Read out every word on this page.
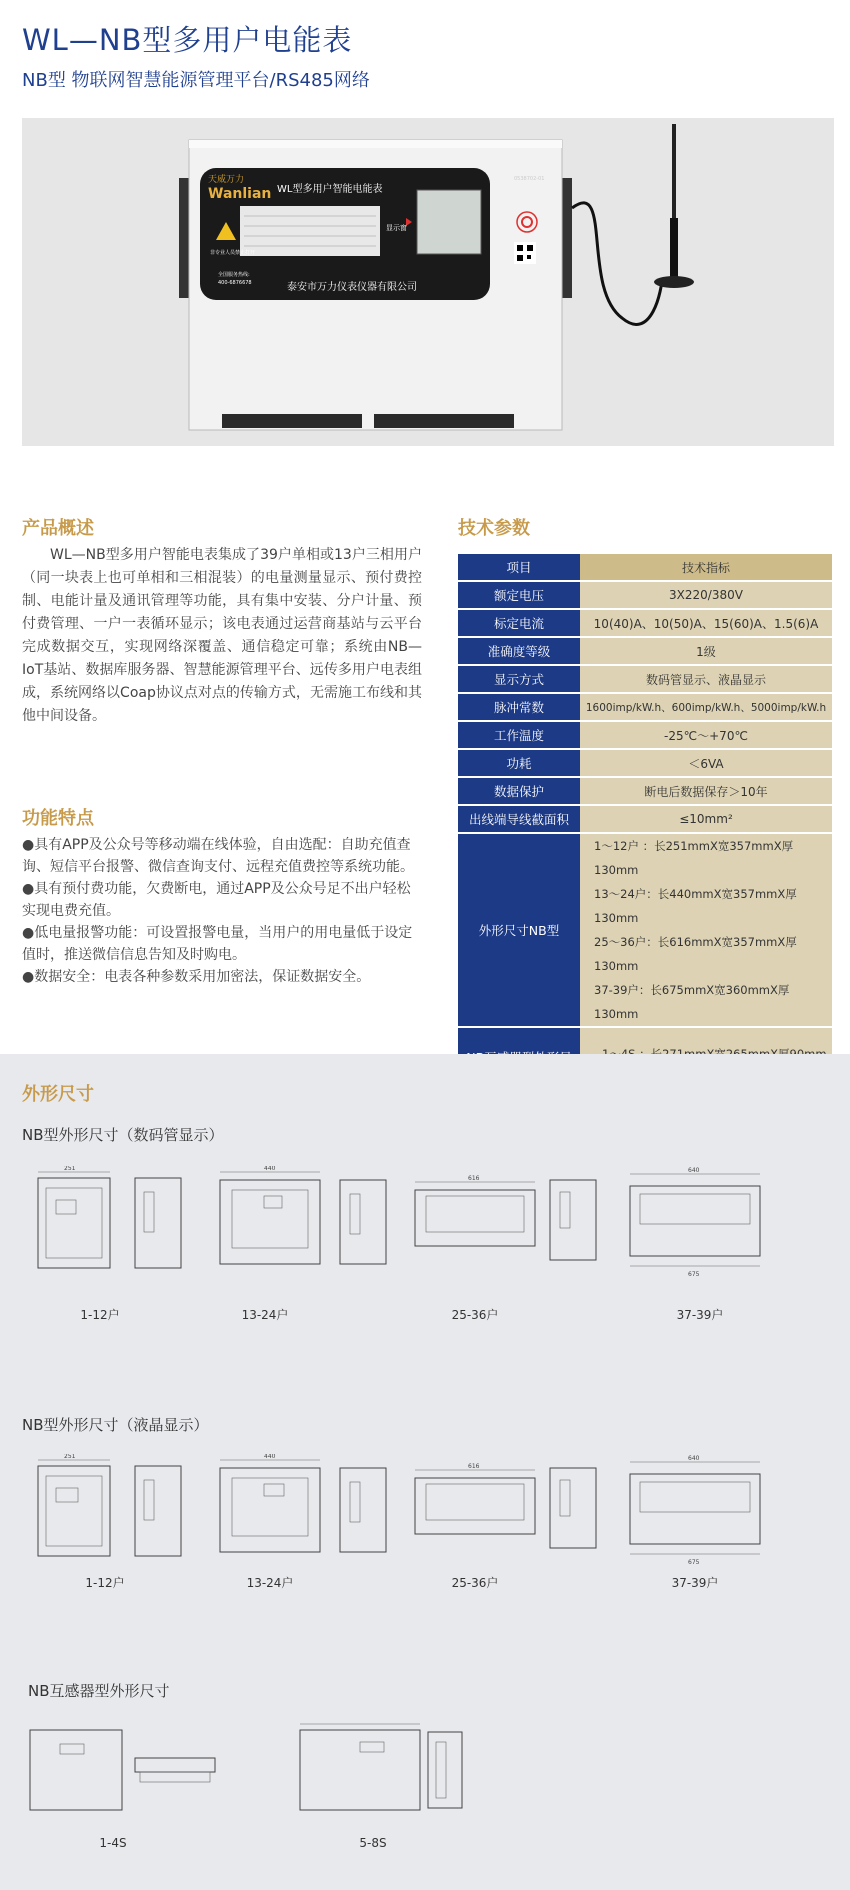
WL—NB型多用户电能表
NB型 物联网智慧能源管理平台/RS485网络
天威万力
Wanlian WL型多用户智能电能表
泰安市万力仪表仪器有限公司
显示窗
非专业人员禁止打开
全国服务热线:
400-6876678
0538702-01
产品概述
WL—NB型多用户智能电表集成了39户单相或13户三相用户（同一块表上也可单相和三相混装）的电量测量显示、预付费控制、电能计量及通讯管理等功能，具有集中安装、分户计量、预付费管理、一户一表循环显示；该电表通过运营商基站与云平台完成数据交互，实现网络深覆盖、通信稳定可靠；系统由NB—IoT基站、数据库服务器、智慧能源管理平台、远传多用户电表组成，系统网络以Coap协议点对点的传输方式，无需施工布线和其他中间设备。
功能特点

●具有APP及公众号等移动端在线体验，自由选配：自助充值查询、短信平台报警、微信查询支付、远程充值费控等系统功能。

●具有预付费功能，欠费断电，通过APP及公众号足不出户轻松实现电费充值。

●低电量报警功能：可设置报警电量，当用户的用电量低于设定值时，推送微信信息告知及时购电。

●数据安全：电表各种参数采用加密法，保证数据安全。

技术参数
项目	技术指标
额定电压	3X220/380V
标定电流	10(40)A、10(50)A、15(60)A、1.5(6)A
准确度等级	1级
显示方式	数码管显示、液晶显示
脉冲常数	1600imp/kW.h、600imp/kW.h、5000imp/kW.h
工作温度	-25℃～+70℃
功耗	＜6VA
数据保护	断电后数据保存＞10年
出线端导线截面积	≤10mm²
外形尺寸NB型	1～12户 ：长251mmX宽357mmX厚130mm
13～24户：长440mmX宽357mmX厚130mm
25～36户：长616mmX宽357mmX厚130mm
37-39户：长675mmX宽360mmX厚130mm

外形尺寸
NB型外形尺寸（数码管显示）
251	440
616
640
675
1-12户	13-24户	25-36户	37-39户
NB型外形尺寸（液晶显示）
251	440
616
640
675
1-12户	13-24户	25-36户	37-39户
NB互感器型外形尺寸
1-4S	5-8S
